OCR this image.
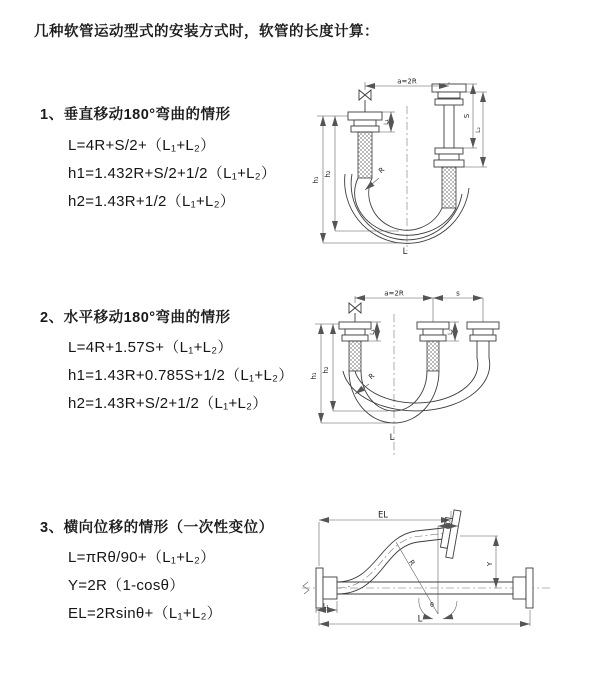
几种软管运动型式的安装方式时，软管的长度计算：
1、垂直移动180°弯曲的情形
L=4R+S/2+（L₁+L₂）
h1=1.432R+S/2+1/2（L₁+L₂）
h2=1.43R+1/2（L₁+L₂）
2、水平移动180°弯曲的情形
L=4R+1.57S+（L₁+L₂）
h1=1.43R+0.785S+1/2（L₁+L₂）
h2=1.43R+S/2+1/2（L₁+L₂）
3、横向位移的情形（一次性变位）
L=πRθ/90+（L₁+L₂）
Y=2R（1-cosθ）
EL=2Rsinθ+（L₁+L₂）
a=2R
h₁
h₂
L₁
S
L₂
R
L
a=2R	s
h₁
h₂
L₁	L₂
R
L
EL
L₂
R
θ
Y
L₁
L
